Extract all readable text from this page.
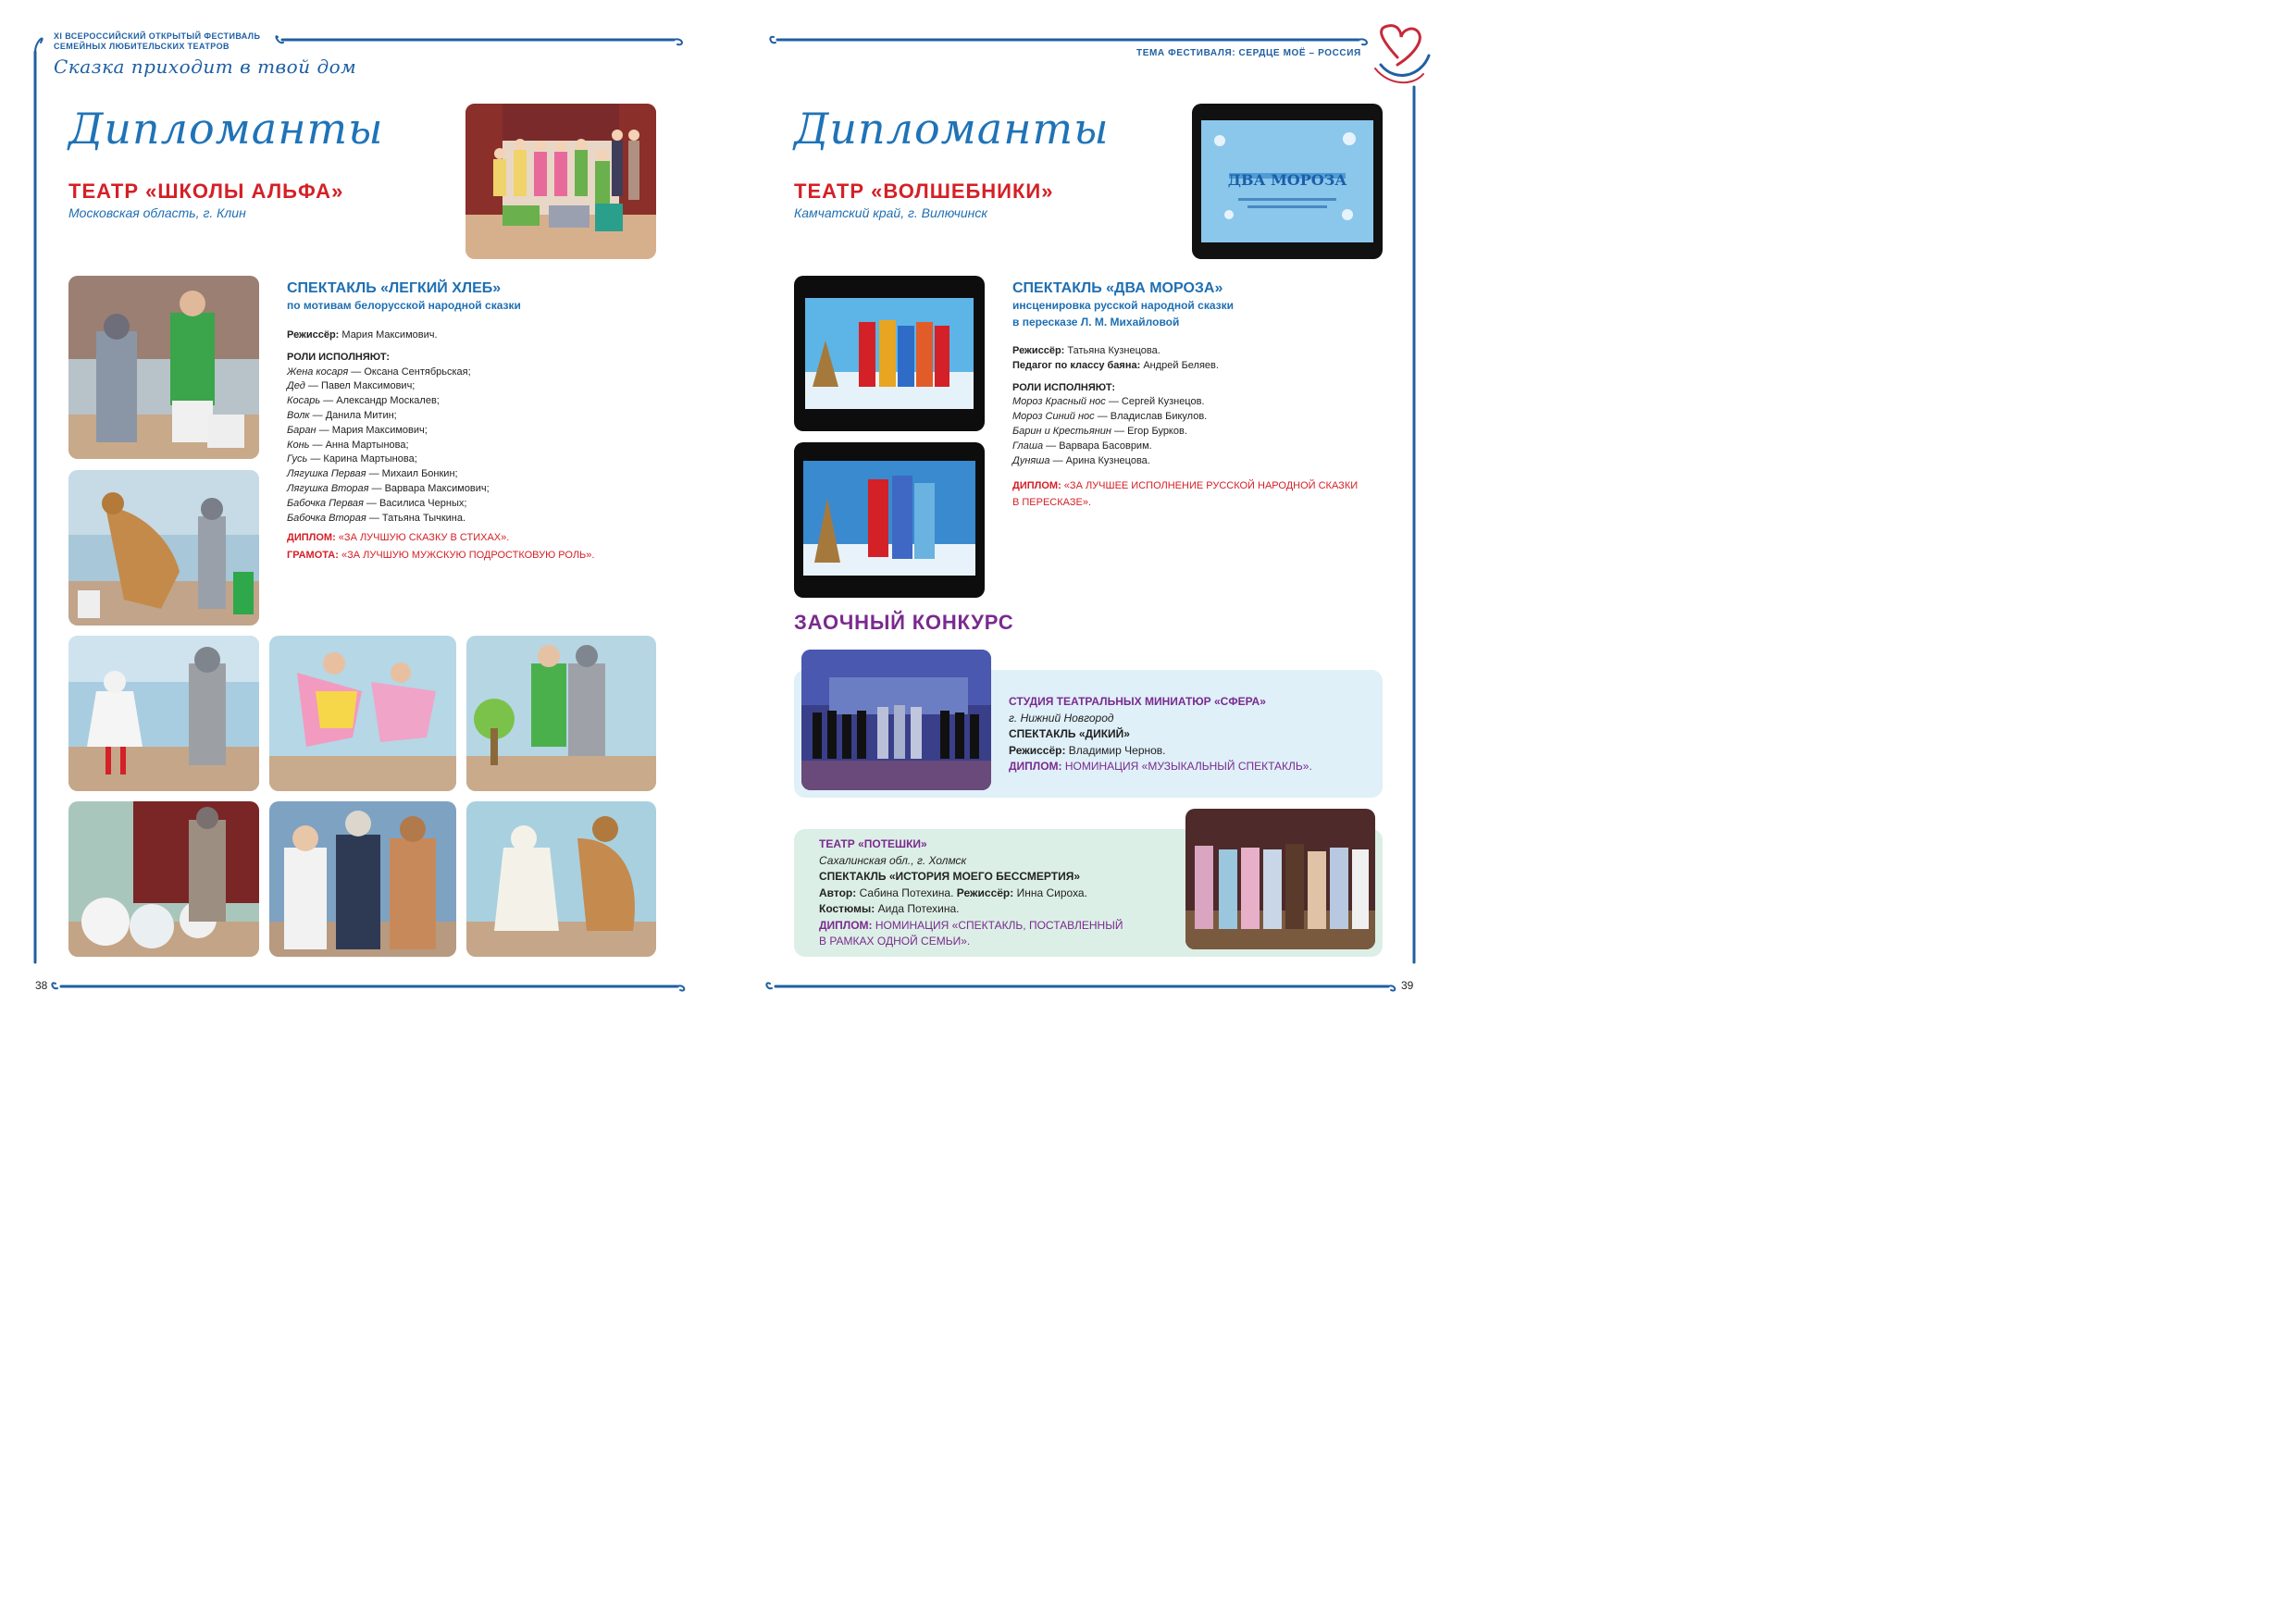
XI ВСЕРОССИЙСКИЙ ОТКРЫТЫЙ ФЕСТИВАЛЬ
СЕМЕЙНЫХ ЛЮБИТЕЛЬСКИХ ТЕАТРОВ
Сказка приходит в твой дом
Дипломанты
ТЕАТР «ШКОЛЫ АЛЬФА»
Московская область, г. Клин
СПЕКТАКЛЬ «ЛЕГКИЙ ХЛЕБ»
по мотивам белорусской народной сказки
Режиссёр: Мария Максимович.
РОЛИ ИСПОЛНЯЮТ:
Жена косаря — Оксана Сентябрьская;
Дед — Павел Максимович;
Косарь — Александр Москалев;
Волк — Данила Митин;
Баран — Мария Максимович;
Конь — Анна Мартынова;
Гусь — Карина Мартынова;
Лягушка Первая — Михаил Бонкин;
Лягушка Вторая — Варвара Максимович;
Бабочка Первая — Василиса Черных;
Бабочка Вторая — Татьяна Тычкина.
ДИПЛОМ: «ЗА ЛУЧШУЮ СКАЗКУ В СТИХАХ».
ГРАМОТА: «ЗА ЛУЧШУЮ МУЖСКУЮ ПОДРОСТКОВУЮ РОЛЬ».
38
ТЕМА ФЕСТИВАЛЯ: СЕРДЦЕ МОЁ – РОССИЯ
Дипломанты
ТЕАТР «ВОЛШЕБНИКИ»
Камчатский край, г. Вилючинск
ДВА МОРОЗА
СПЕКТАКЛЬ «ДВА МОРОЗА»
инсценировка русской народной сказки
в пересказе Л. М. Михайловой
Режиссёр: Татьяна Кузнецова.
Педагог по классу баяна: Андрей Беляев.
РОЛИ ИСПОЛНЯЮТ:
Мороз Красный нос — Сергей Кузнецов.
Мороз Синий нос — Владислав Бикулов.
Барин и Крестьянин — Егор Бурков.
Глаша — Варвара Басоврим.
Дуняша — Арина Кузнецова.
ДИПЛОМ: «ЗА ЛУЧШЕЕ ИСПОЛНЕНИЕ РУССКОЙ НАРОДНОЙ СКАЗКИ
В ПЕРЕСКАЗЕ».
ЗАОЧНЫЙ КОНКУРС
СТУДИЯ ТЕАТРАЛЬНЫХ МИНИАТЮР «СФЕРА»
г. Нижний Новгород
СПЕКТАКЛЬ «ДИКИЙ»
Режиссёр: Владимир Чернов.
ДИПЛОМ: НОМИНАЦИЯ «МУЗЫКАЛЬНЫЙ СПЕКТАКЛЬ».
ТЕАТР «ПОТЕШКИ»
Сахалинская обл., г. Холмск
СПЕКТАКЛЬ «ИСТОРИЯ МОЕГО БЕССМЕРТИЯ»
Автор: Сабина Потехина. Режиссёр: Инна Сироха.
Костюмы: Аида Потехина.
ДИПЛОМ: НОМИНАЦИЯ «СПЕКТАКЛЬ, ПОСТАВЛЕННЫЙ
В РАМКАХ ОДНОЙ СЕМЬИ».
39
